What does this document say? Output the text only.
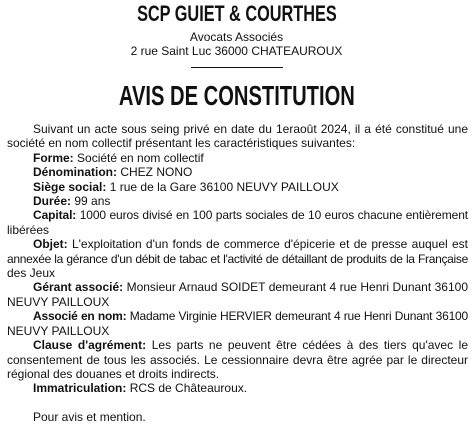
SCP GUIET & COURTHES
Avocats Associés
2 rue Saint Luc 36000 CHATEAUROUX
AVIS DE CONSTITUTION
Suivant un acte sous seing privé en date du 1eraoût 2024, il a été constitué une
société en nom collectif présentant les caractéristiques suivantes:
Forme: Société en nom collectif
Dénomination: CHEZ NONO
Siège social: 1 rue de la Gare 36100 NEUVY PAILLOUX
Durée: 99 ans
Capital: 1000 euros divisé en 100 parts sociales de 10 euros chacune entièrement
libérées
Objet: L'exploitation d'un fonds de commerce d'épicerie et de presse auquel est
annexée la gérance d'un débit de tabac et l'activité de détaillant de produits de la Française
des Jeux
Gérant associé: Monsieur Arnaud SOIDET demeurant 4 rue Henri Dunant 36100
NEUVY PAILLOUX
Associé en nom: Madame Virginie HERVIER demeurant 4 rue Henri Dunant 36100
NEUVY PAILLOUX
Clause d'agrément: Les parts ne peuvent être cédées à des tiers qu'avec le
consentement de tous les associés. Le cessionnaire devra être agrée par le directeur
régional des douanes et droits indirects.
Immatriculation: RCS de Châteauroux.
Pour avis et mention.
